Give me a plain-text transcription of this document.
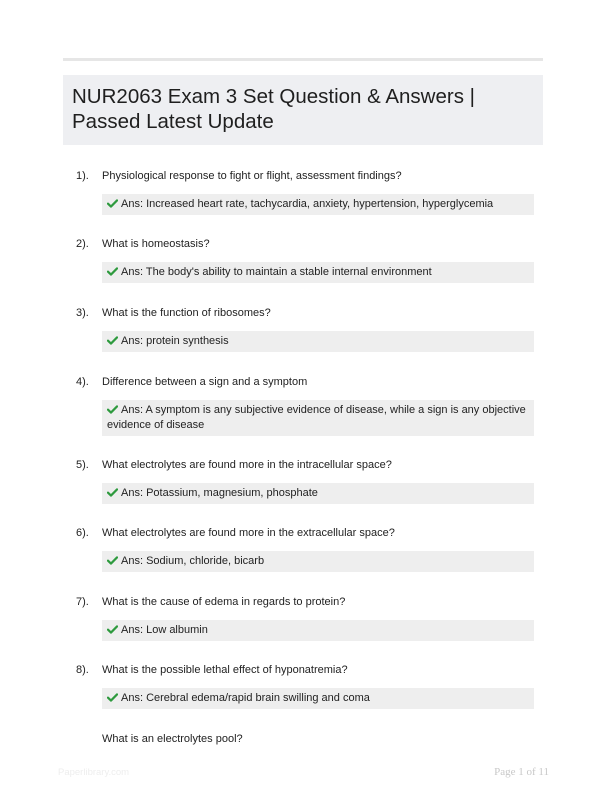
NUR2063 Exam 3 Set Question & Answers |
Passed Latest Update
1). Physiological response to fight or flight, assessment findings?
Ans: Increased heart rate, tachycardia, anxiety, hypertension, hyperglycemia
2). What is homeostasis?
Ans: The body's ability to maintain a stable internal environment
3). What is the function of ribosomes?
Ans: protein synthesis
4). Difference between a sign and a symptom
Ans: A symptom is any subjective evidence of disease, while a sign is any objective evidence of disease
5). What electrolytes are found more in the intracellular space?
Ans: Potassium, magnesium, phosphate
6). What electrolytes are found more in the extracellular space?
Ans: Sodium, chloride, bicarb
7). What is the cause of edema in regards to protein?
Ans: Low albumin
8). What is the possible lethal effect of hyponatremia?
Ans: Cerebral edema/rapid brain swilling and coma
What is an electrolytes pool?
Paperlibrary.com	Page 1 of 11
